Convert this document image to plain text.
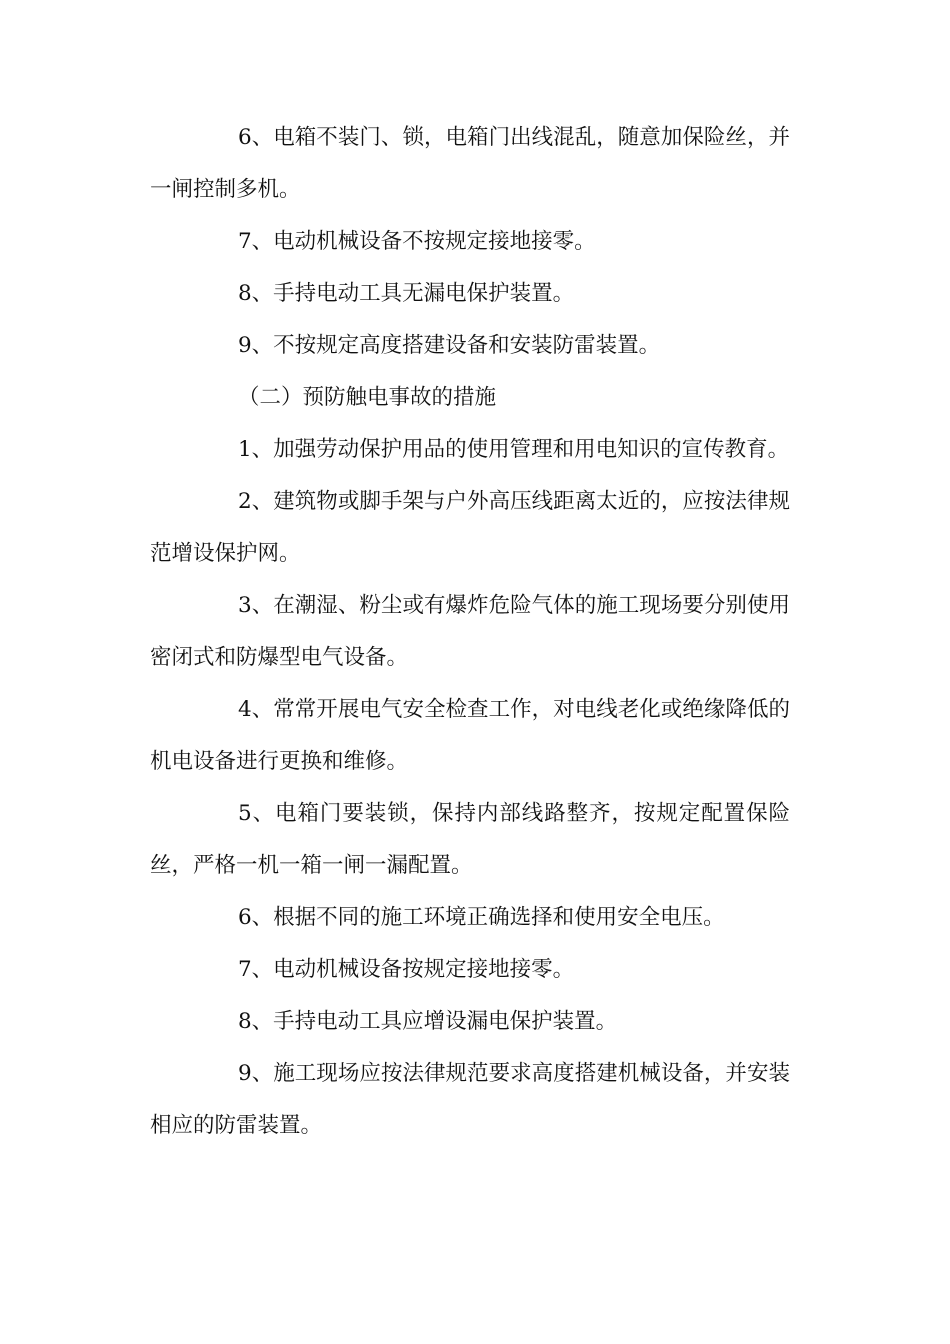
6、电箱不装门、锁，电箱门出线混乱，随意加保险丝，并一闸控制多机。

7、电动机械设备不按规定接地接零。

8、手持电动工具无漏电保护装置。

9、不按规定高度搭建设备和安装防雷装置。

（二）预防触电事故的措施

1、加强劳动保护用品的使用管理和用电知识的宣传教育。

2、建筑物或脚手架与户外高压线距离太近的，应按法律规范增设保护网。

3、在潮湿、粉尘或有爆炸危险气体的施工现场要分别使用密闭式和防爆型电气设备。

4、常常开展电气安全检查工作，对电线老化或绝缘降低的机电设备进行更换和维修。

5、电箱门要装锁，保持内部线路整齐，按规定配置保险丝，严格一机一箱一闸一漏配置。

6、根据不同的施工环境正确选择和使用安全电压。

7、电动机械设备按规定接地接零。

8、手持电动工具应增设漏电保护装置。

9、施工现场应按法律规范要求高度搭建机械设备，并安装相应的防雷装置。
